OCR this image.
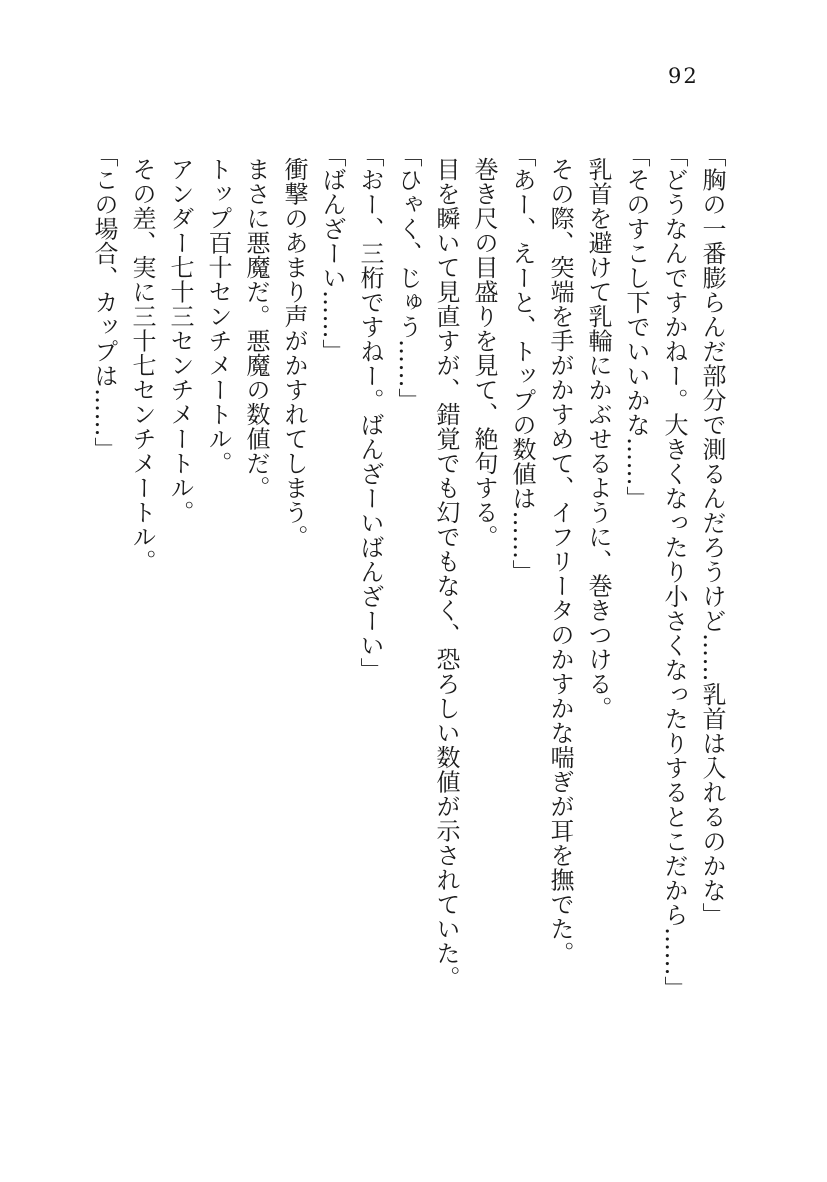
92

「胸の一番膨らんだ部分で測るんだろうけど……乳首は入れるのかな」

「どうなんですかねー。大きくなったり小さくなったりするとこだから……」

「そのすこし下でいいかな……」

乳首を避けて乳輪にかぶせるように、巻きつける。

その際、突端を手がかすめて、イフリータのかすかな喘ぎが耳を撫でた。

「あー、えーと、トップの数値は……」

巻き尺の目盛りを見て、絶句する。

目を瞬いて見直すが、錯覚でも幻でもなく、恐ろしい数値が示されていた。

「ひゃく、じゅう……」

「おー、三桁ですねー。ばんざーいばんざーい」

「ばんざーい……」

衝撃のあまり声がかすれてしまう。

まさに悪魔だ。悪魔の数値だ。

トップ百十センチメートル。

アンダー七十三センチメートル。

その差、実に三十七センチメートル。

「この場合、カップは……」
